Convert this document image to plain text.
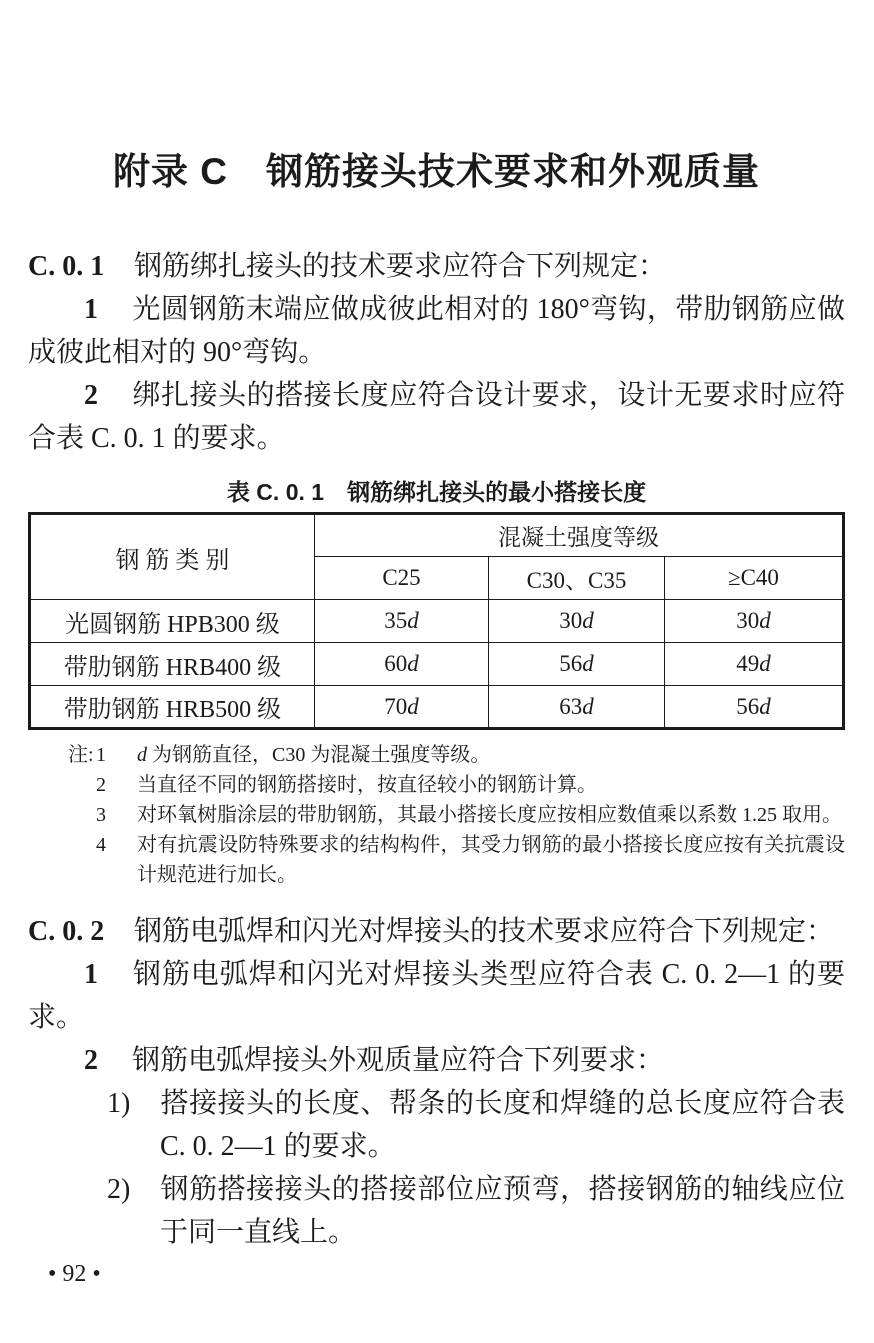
附录 C　钢筋接头技术要求和外观质量

C. 0. 1 钢筋绑扎接头的技术要求应符合下列规定：

1 光圆钢筋末端应做成彼此相对的 180°弯钩，带肋钢筋应做成彼此相对的 90°弯钩。

2 绑扎接头的搭接长度应符合设计要求，设计无要求时应符合表 C. 0. 1 的要求。

表 C. 0. 1　钢筋绑扎接头的最小搭接长度
钢 筋 类 别	混凝土强度等级		
	C25	C30、C35	≥C40
光圆钢筋 HPB300 级	35d	30d	30d
带肋钢筋 HRB400 级	60d	56d	49d
带肋钢筋 HRB500 级	70d	63d	56d
注: 1	d 为钢筋直径，C30 为混凝土强度等级。
2	当直径不同的钢筋搭接时，按直径较小的钢筋计算。
3	对环氧树脂涂层的带肋钢筋，其最小搭接长度应按相应数值乘以系数 1.25 取用。
4	对有抗震设防特殊要求的结构构件，其受力钢筋的最小搭接长度应按有关抗震设计规范进行加长。

C. 0. 2 钢筋电弧焊和闪光对焊接头的技术要求应符合下列规定：

1 钢筋电弧焊和闪光对焊接头类型应符合表 C. 0. 2—1 的要求。

2 钢筋电弧焊接头外观质量应符合下列要求：

1) 搭接接头的长度、帮条的长度和焊缝的总长度应符合表 C. 0. 2—1 的要求。

2) 钢筋搭接接头的搭接部位应预弯，搭接钢筋的轴线应位于同一直线上。

• 92 •
